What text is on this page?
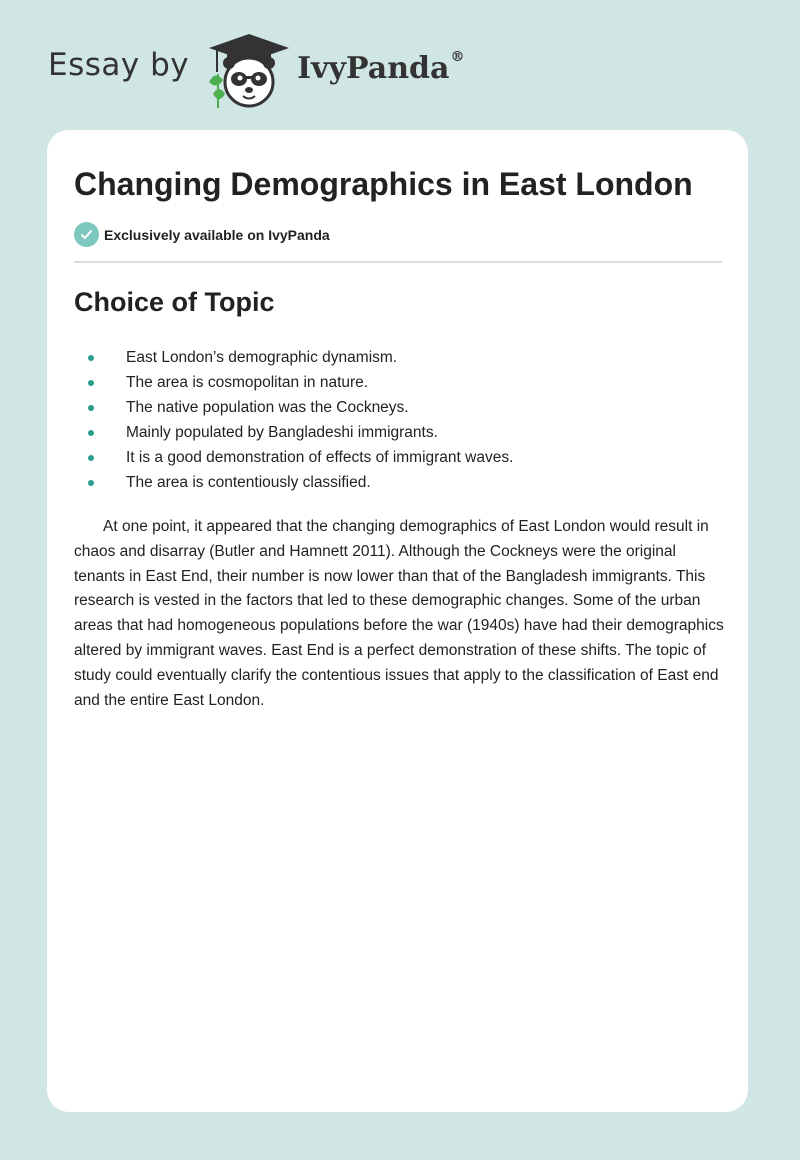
Essay by	IvyPanda®
Changing Demographics in East London
Exclusively available on IvyPanda
Choice of Topic
East London’s demographic dynamism.
The area is cosmopolitan in nature.
The native population was the Cockneys.
Mainly populated by Bangladeshi immigrants.
It is a good demonstration of effects of immigrant waves.
The area is contentiously classified.

At one point, it appeared that the changing demographics of East London would result in chaos and disarray (Butler and Hamnett 2011). Although the Cockneys were the original tenants in East End, their number is now lower than that of the Bangladesh immigrants. This research is vested in the factors that led to these demographic changes. Some of the urban areas that had homogeneous populations before the war (1940s) have had their demographics altered by immigrant waves. East End is a perfect demonstration of these shifts. The topic of study could eventually clarify the contentious issues that apply to the classification of East end and the entire East London.
